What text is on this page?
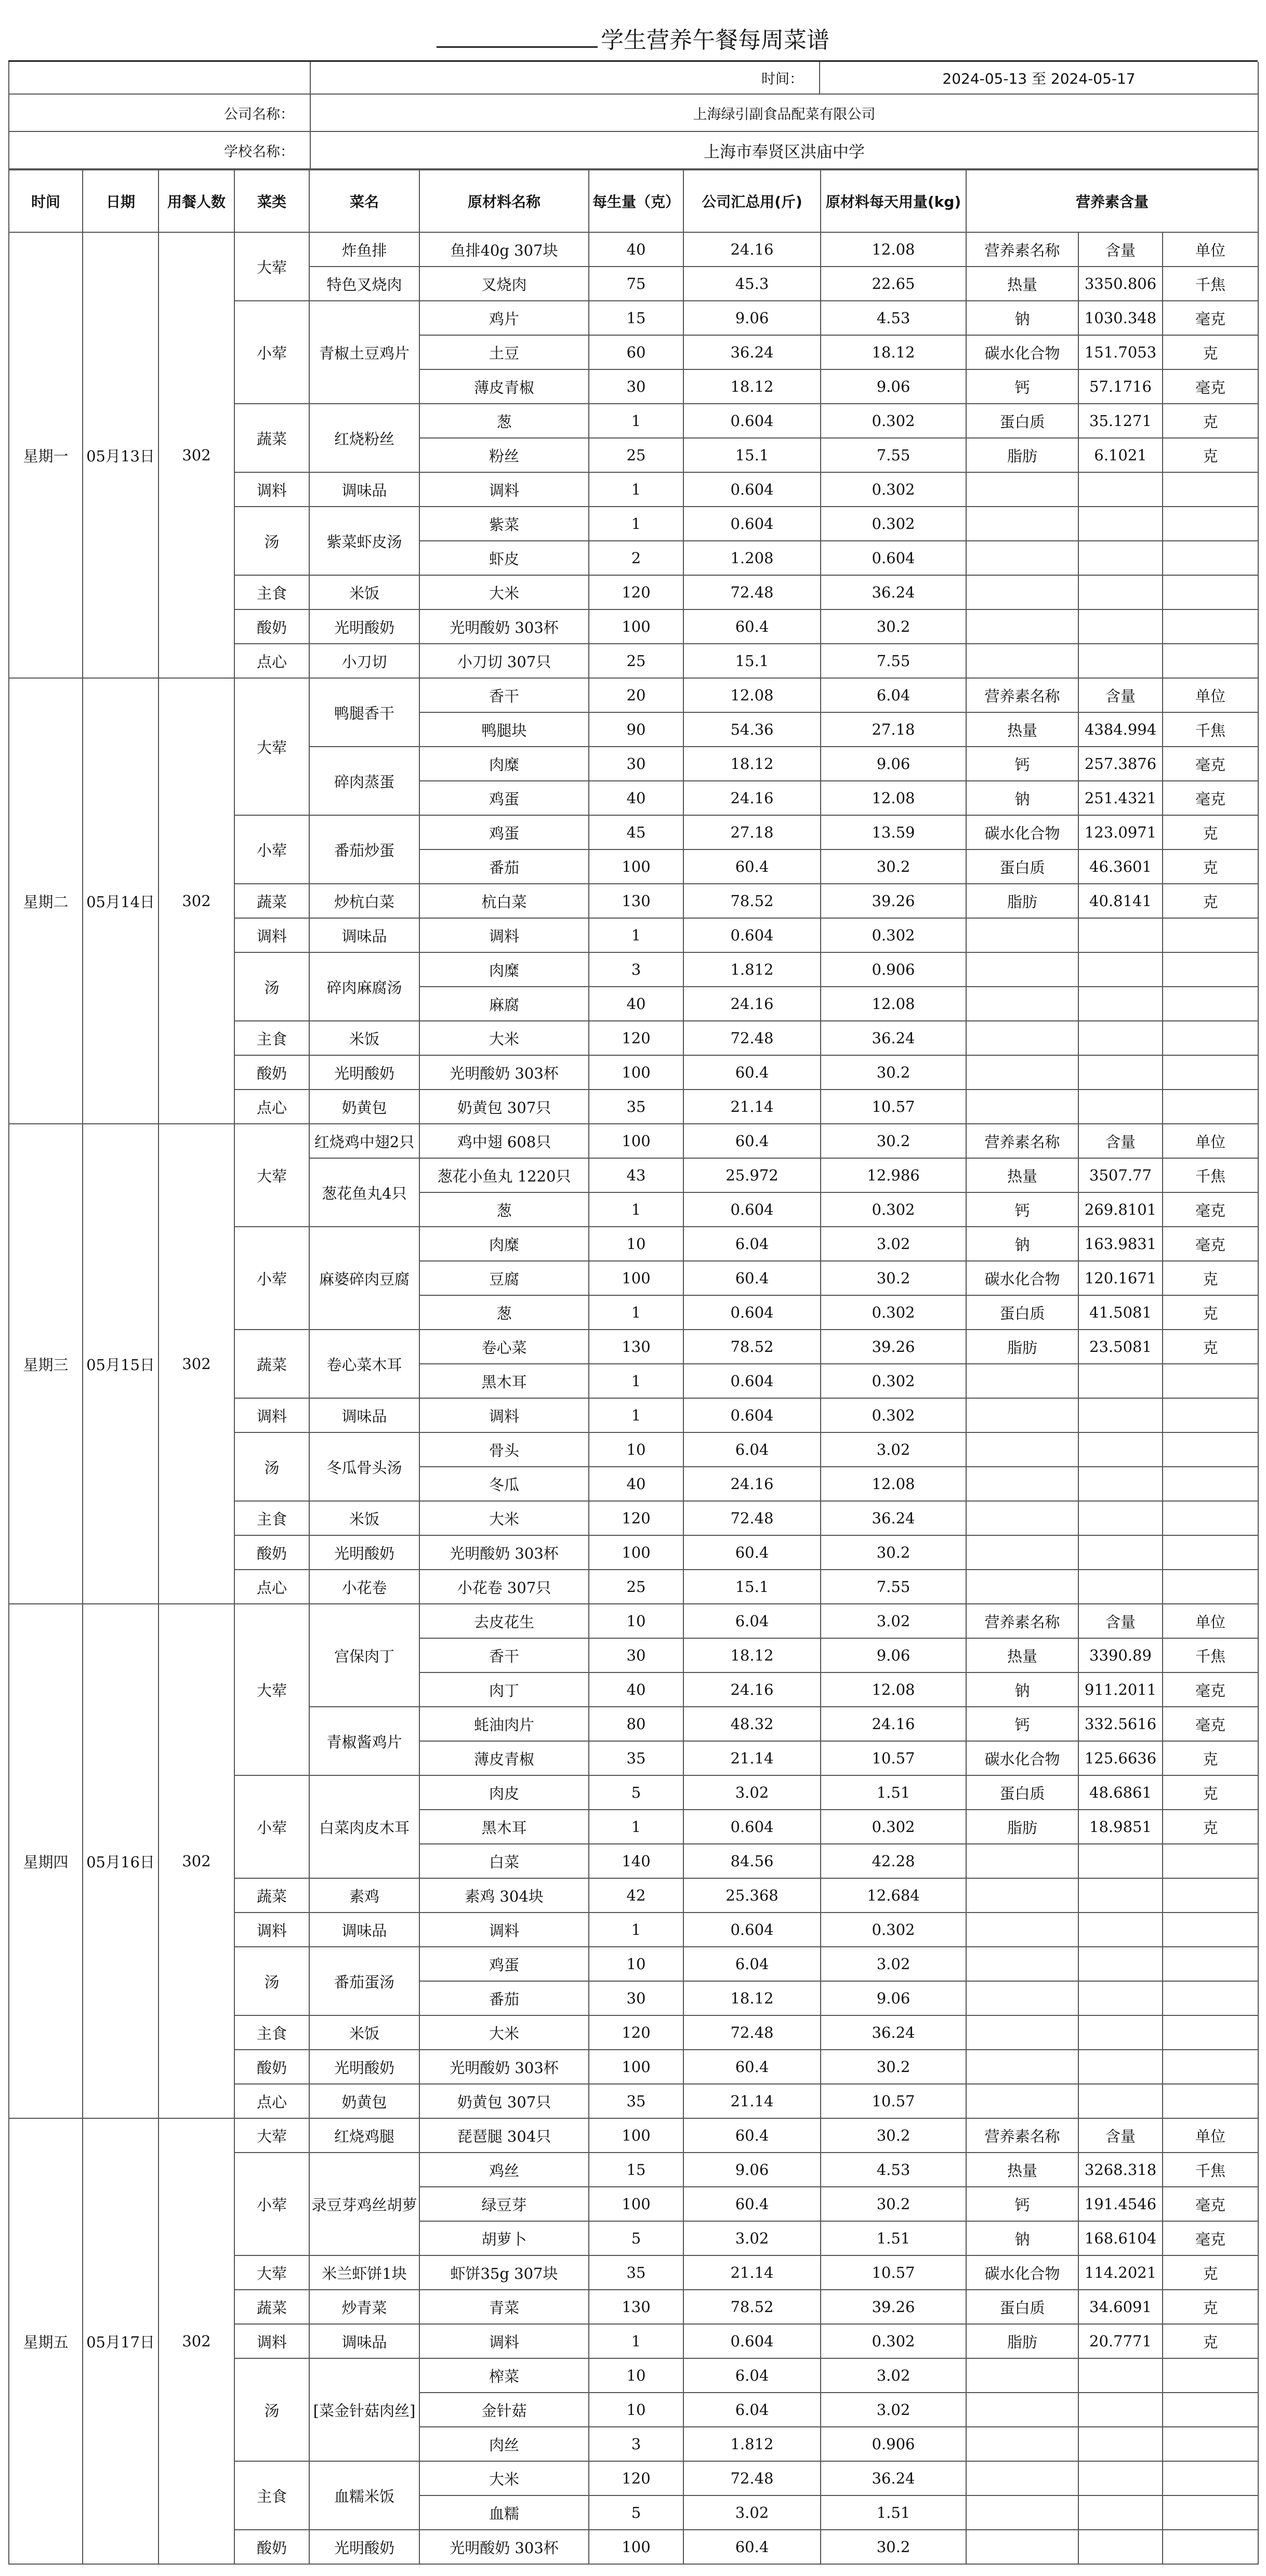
学生营养午餐每周菜谱
	时间：	2024-05-13 至 2024-05-17
公司名称：	上海绿引副食品配菜有限公司	
学校名称：	上海市奉贤区洪庙中学	
时间	日期	用餐人数	菜类	菜名	原材料名称	每生量（克）	公司汇总用(斤)	原材料每天用量(kg)	营养素含量		
星期一	05月13日	302	大荤	炸鱼排	鱼排40g 307块	40	24.16	12.08	营养素名称	含量	单位
				特色叉烧肉	叉烧肉	75	45.3	22.65	热量	3350.806	千焦
			小荤	青椒土豆鸡片	鸡片	15	9.06	4.53	钠	1030.348	毫克
					土豆	60	36.24	18.12	碳水化合物	151.7053	克
					薄皮青椒	30	18.12	9.06	钙	57.1716	毫克
			蔬菜	红烧粉丝	葱	1	0.604	0.302	蛋白质	35.1271	克
					粉丝	25	15.1	7.55	脂肪	6.1021	克
			调料	调味品	调料	1	0.604	0.302			
			汤	紫菜虾皮汤	紫菜	1	0.604	0.302			
					虾皮	2	1.208	0.604			
			主食	米饭	大米	120	72.48	36.24			
			酸奶	光明酸奶	光明酸奶 303杯	100	60.4	30.2			
			点心	小刀切	小刀切 307只	25	15.1	7.55			
星期二	05月14日	302	大荤	鸭腿香干	香干	20	12.08	6.04	营养素名称	含量	单位
					鸭腿块	90	54.36	27.18	热量	4384.994	千焦
				碎肉蒸蛋	肉糜	30	18.12	9.06	钙	257.3876	毫克
					鸡蛋	40	24.16	12.08	钠	251.4321	毫克
			小荤	番茄炒蛋	鸡蛋	45	27.18	13.59	碳水化合物	123.0971	克
					番茄	100	60.4	30.2	蛋白质	46.3601	克
			蔬菜	炒杭白菜	杭白菜	130	78.52	39.26	脂肪	40.8141	克
			调料	调味品	调料	1	0.604	0.302			
			汤	碎肉麻腐汤	肉糜	3	1.812	0.906			
					麻腐	40	24.16	12.08			
			主食	米饭	大米	120	72.48	36.24			
			酸奶	光明酸奶	光明酸奶 303杯	100	60.4	30.2			
			点心	奶黄包	奶黄包 307只	35	21.14	10.57			
星期三	05月15日	302	大荤	红烧鸡中翅2只	鸡中翅 608只	100	60.4	30.2	营养素名称	含量	单位
				葱花鱼丸4只	葱花小鱼丸 1220只	43	25.972	12.986	热量	3507.77	千焦
					葱	1	0.604	0.302	钙	269.8101	毫克
			小荤	麻婆碎肉豆腐	肉糜	10	6.04	3.02	钠	163.9831	毫克
					豆腐	100	60.4	30.2	碳水化合物	120.1671	克
					葱	1	0.604	0.302	蛋白质	41.5081	克
			蔬菜	卷心菜木耳	卷心菜	130	78.52	39.26	脂肪	23.5081	克
					黑木耳	1	0.604	0.302			
			调料	调味品	调料	1	0.604	0.302			
			汤	冬瓜骨头汤	骨头	10	6.04	3.02			
					冬瓜	40	24.16	12.08			
			主食	米饭	大米	120	72.48	36.24			
			酸奶	光明酸奶	光明酸奶 303杯	100	60.4	30.2			
			点心	小花卷	小花卷 307只	25	15.1	7.55			
星期四	05月16日	302	大荤	宫保肉丁	去皮花生	10	6.04	3.02	营养素名称	含量	单位
					香干	30	18.12	9.06	热量	3390.89	千焦
					肉丁	40	24.16	12.08	钠	911.2011	毫克
				青椒酱鸡片	蚝油肉片	80	48.32	24.16	钙	332.5616	毫克
					薄皮青椒	35	21.14	10.57	碳水化合物	125.6636	克
			小荤	白菜肉皮木耳	肉皮	5	3.02	1.51	蛋白质	48.6861	克
					黑木耳	1	0.604	0.302	脂肪	18.9851	克
					白菜	140	84.56	42.28			
			蔬菜	素鸡	素鸡 304块	42	25.368	12.684			
			调料	调味品	调料	1	0.604	0.302			
			汤	番茄蛋汤	鸡蛋	10	6.04	3.02			
					番茄	30	18.12	9.06			
			主食	米饭	大米	120	72.48	36.24			
			酸奶	光明酸奶	光明酸奶 303杯	100	60.4	30.2			
			点心	奶黄包	奶黄包 307只	35	21.14	10.57			
星期五	05月17日	302	大荤	红烧鸡腿	琵琶腿 304只	100	60.4	30.2	营养素名称	含量	单位
			小荤	录豆芽鸡丝胡萝	鸡丝	15	9.06	4.53	热量	3268.318	千焦
					绿豆芽	100	60.4	30.2	钙	191.4546	毫克
					胡萝卜	5	3.02	1.51	钠	168.6104	毫克
			大荤	米兰虾饼1块	虾饼35g 307块	35	21.14	10.57	碳水化合物	114.2021	克
			蔬菜	炒青菜	青菜	130	78.52	39.26	蛋白质	34.6091	克
			调料	调味品	调料	1	0.604	0.302	脂肪	20.7771	克
			汤	[菜金针菇肉丝]	榨菜	10	6.04	3.02			
					金针菇	10	6.04	3.02			
					肉丝	3	1.812	0.906			
			主食	血糯米饭	大米	120	72.48	36.24			
					血糯	5	3.02	1.51			
			酸奶	光明酸奶	光明酸奶 303杯	100	60.4	30.2			
